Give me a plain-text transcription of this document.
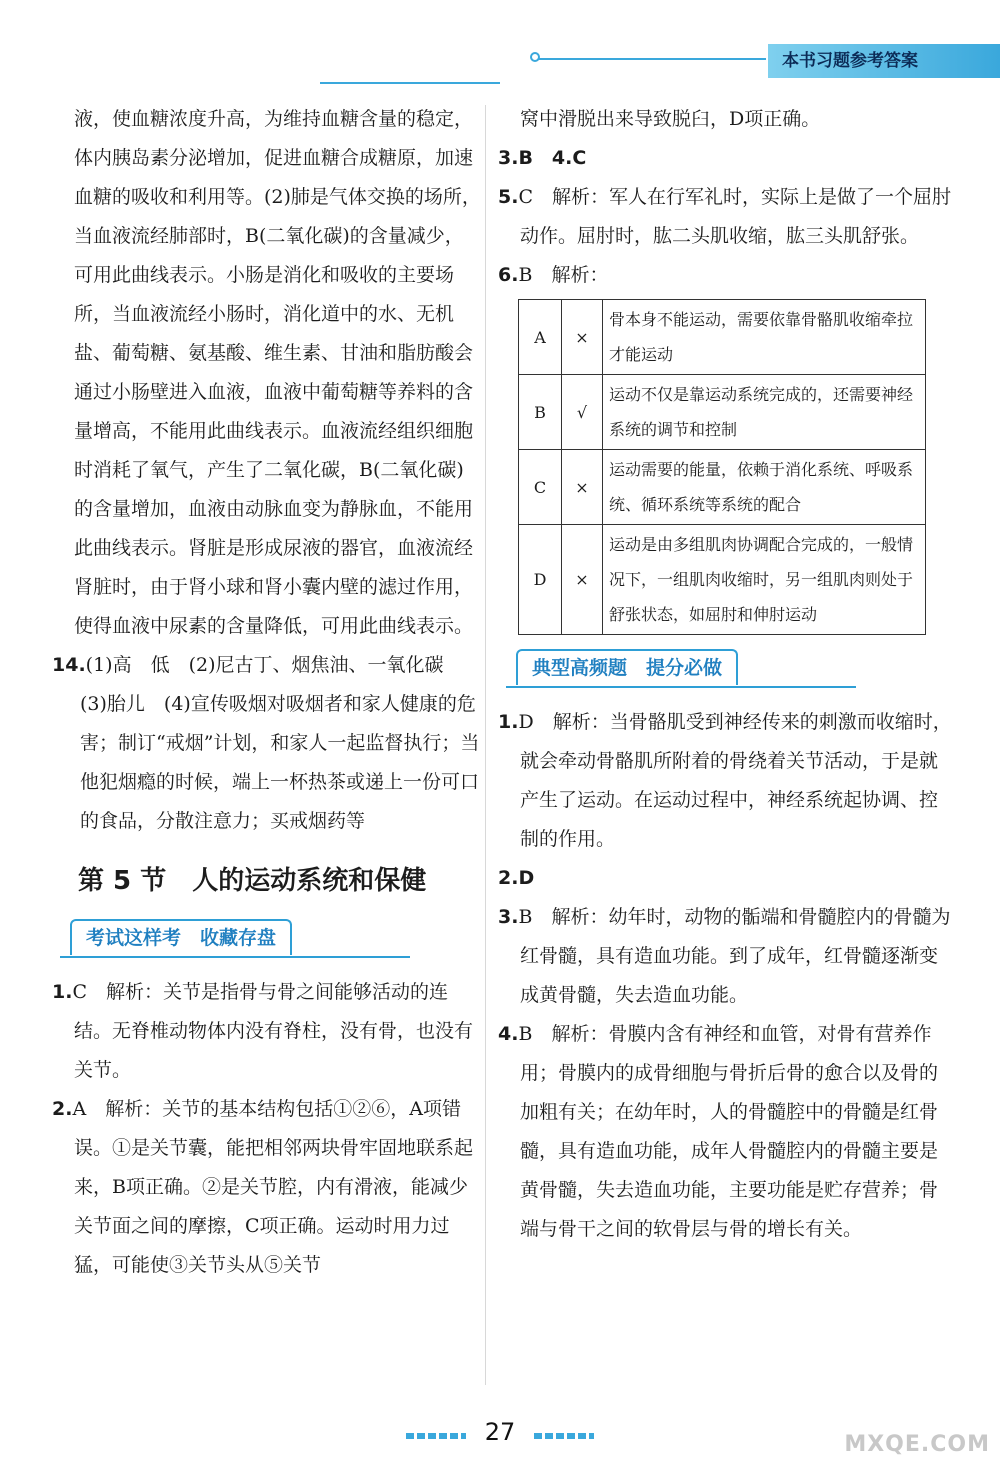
本书习题参考答案

液，使血糖浓度升高，为维持血糖含量的稳定，体内胰岛素分泌增加，促进血糖合成糖原，加速血糖的吸收和利用等。(2)肺是气体交换的场所，当血液流经肺部时，B(二氧化碳)的含量减少，可用此曲线表示。小肠是消化和吸收的主要场所，当血液流经小肠时，消化道中的水、无机盐、葡萄糖、氨基酸、维生素、甘油和脂肪酸会通过小肠壁进入血液，血液中葡萄糖等养料的含量增高，不能用此曲线表示。血液流经组织细胞时消耗了氧气，产生了二氧化碳，B(二氧化碳)的含量增加，血液由动脉血变为静脉血，不能用此曲线表示。肾脏是形成尿液的器官，血液流经肾脏时，由于肾小球和肾小囊内壁的滤过作用，使得血液中尿素的含量降低，可用此曲线表示。

14.(1)高　低　(2)尼古丁、烟焦油、一氧化碳　(3)胎儿　(4)宣传吸烟对吸烟者和家人健康的危害；制订“戒烟”计划，和家人一起监督执行；当他犯烟瘾的时候，端上一杯热茶或递上一份可口的食品，分散注意力；买戒烟药等

第 5 节　人的运动系统和保健
考试这样考　收藏存盘

1.C　 解析：关节是指骨与骨之间能够活动的连结。无脊椎动物体内没有脊柱，没有骨，也没有关节。

2.A　 解析：关节的基本结构包括①②⑥，A项错误。①是关节囊，能把相邻两块骨牢固地联系起来，B项正确。②是关节腔，内有滑液，能减少关节面之间的摩擦，C项正确。运动时用力过猛，可能使③关节头从⑤关节

窝中滑脱出来导致脱臼，D项正确。

3.B　4.C

5.C　 解析：军人在行军礼时，实际上是做了一个屈肘动作。屈肘时，肱二头肌收缩，肱三头肌舒张。

6.B　 解析：

A	×	骨本身不能运动，需要依靠骨骼肌收缩牵拉才能运动
B	√	运动不仅是靠运动系统完成的，还需要神经系统的调节和控制
C	×	运动需要的能量，依赖于消化系统、呼吸系统、循环系统等系统的配合
D	×	运动是由多组肌肉协调配合完成的，一般情况下，一组肌肉收缩时，另一组肌肉则处于舒张状态，如屈肘和伸肘运动
典型高频题　提分必做

1.D　 解析：当骨骼肌受到神经传来的刺激而收缩时，就会牵动骨骼肌所附着的骨绕着关节活动，于是就产生了运动。在运动过程中，神经系统起协调、控制的作用。

2.D

3.B　 解析：幼年时，动物的骺端和骨髓腔内的骨髓为红骨髓，具有造血功能。到了成年，红骨髓逐渐变成黄骨髓，失去造血功能。

4.B　 解析：骨膜内含有神经和血管，对骨有营养作用；骨膜内的成骨细胞与骨折后骨的愈合以及骨的加粗有关；在幼年时，人的骨髓腔中的骨髓是红骨髓，具有造血功能，成年人骨髓腔内的骨髓主要是黄骨髓，失去造血功能，主要功能是贮存营养；骨端与骨干之间的软骨层与骨的增长有关。

27	MXQE.COM
